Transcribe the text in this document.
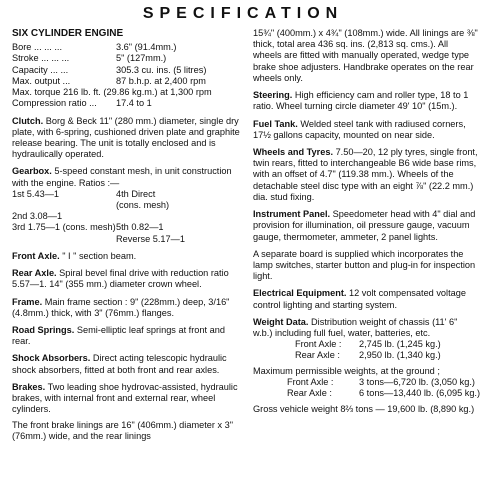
SPECIFICATION
SIX CYLINDER ENGINE
Bore ... ... ...	3.6" (91.4mm.)
Stroke ... ... ...	5" (127mm.)
Capacity ... ...	305.3 cu. ins. (5 litres)
Max. output ...	87 b.h.p. at 2,400 rpm
Max. torque 216 lb. ft. (29.86 kg.m.) at 1,300 rpm
Compression ratio ...	17.4 to 1

Clutch. Borg & Beck 11" (280 mm.) diameter, single dry plate, with 6-spring, cushioned driven plate and graphite release bearing. The unit is totally enclosed and is hydraulically operated.

Gearbox. 5-speed constant mesh, in unit construction with the engine. Ratios :—

1st 5.43—1	4th Direct
(cons. mesh)
2nd 3.08—1
3rd 1.75—1 (cons. mesh) 5th 0.82—1
Reverse 5.17—1

Front Axle. " I " section beam.

Rear Axle. Spiral bevel final drive with reduction ratio 5.57—1. 14" (355 mm.) diameter crown wheel.

Frame. Main frame section : 9" (228mm.) deep, 3/16" (4.8mm.) thick, with 3" (76mm.) flanges.

Road Springs. Semi-elliptic leaf springs at front and rear.

Shock Absorbers. Direct acting telescopic hydraulic shock absorbers, fitted at both front and rear axles.

Brakes. Two leading shoe hydrovac-assisted, hydraulic brakes, with internal front and external rear, wheel cylinders.

The front brake linings are 16" (406mm.) diameter x 3" (76mm.) wide, and the rear linings

15¾" (400mm.) x 4¾" (108mm.) wide. All linings are ⅜" thick, total area 436 sq. ins. (2,813 sq. cms.). All wheels are fitted with manually operated, wedge type brake shoe adjusters. Handbrake operates on the rear wheels only.

Steering. High efficiency cam and roller type, 18 to 1 ratio. Wheel turning circle diameter 49' 10" (15m.).

Fuel Tank. Welded steel tank with radiused corners, 17½ gallons capacity, mounted on near side.

Wheels and Tyres. 7.50—20, 12 ply tyres, single front, twin rears, fitted to interchangeable B6 wide base rims, with an offset of 4.7" (119.38 mm.). Wheels of the detachable steel disc type with an eight ⅞" (22.2 mm.) dia. stud fixing.

Instrument Panel. Speedometer head with 4" dial and provision for illumination, oil pressure gauge, vacuum gauge, thermometer, ammeter, 2 panel lights.

A separate board is supplied which incorporates the lamp switches, starter button and plug-in for inspection light.

Electrical Equipment. 12 volt compensated voltage control lighting and starting system.

Weight Data. Distribution weight of chassis (11' 6" w.b.) including full fuel, water, batteries, etc.

Front Axle :	2,745 lb. (1,245 kg.)
Rear Axle :	2,950 lb. (1,340 kg.)

Maximum permissible weights, at the ground ;

Front Axle :	3 tons—6,720 lb. (3,050 kg.)
Rear Axle :	6 tons—13,440 lb. (6,095 kg.)

Gross vehicle weight 8⅔ tons — 19,600 lb. (8,890 kg.)
